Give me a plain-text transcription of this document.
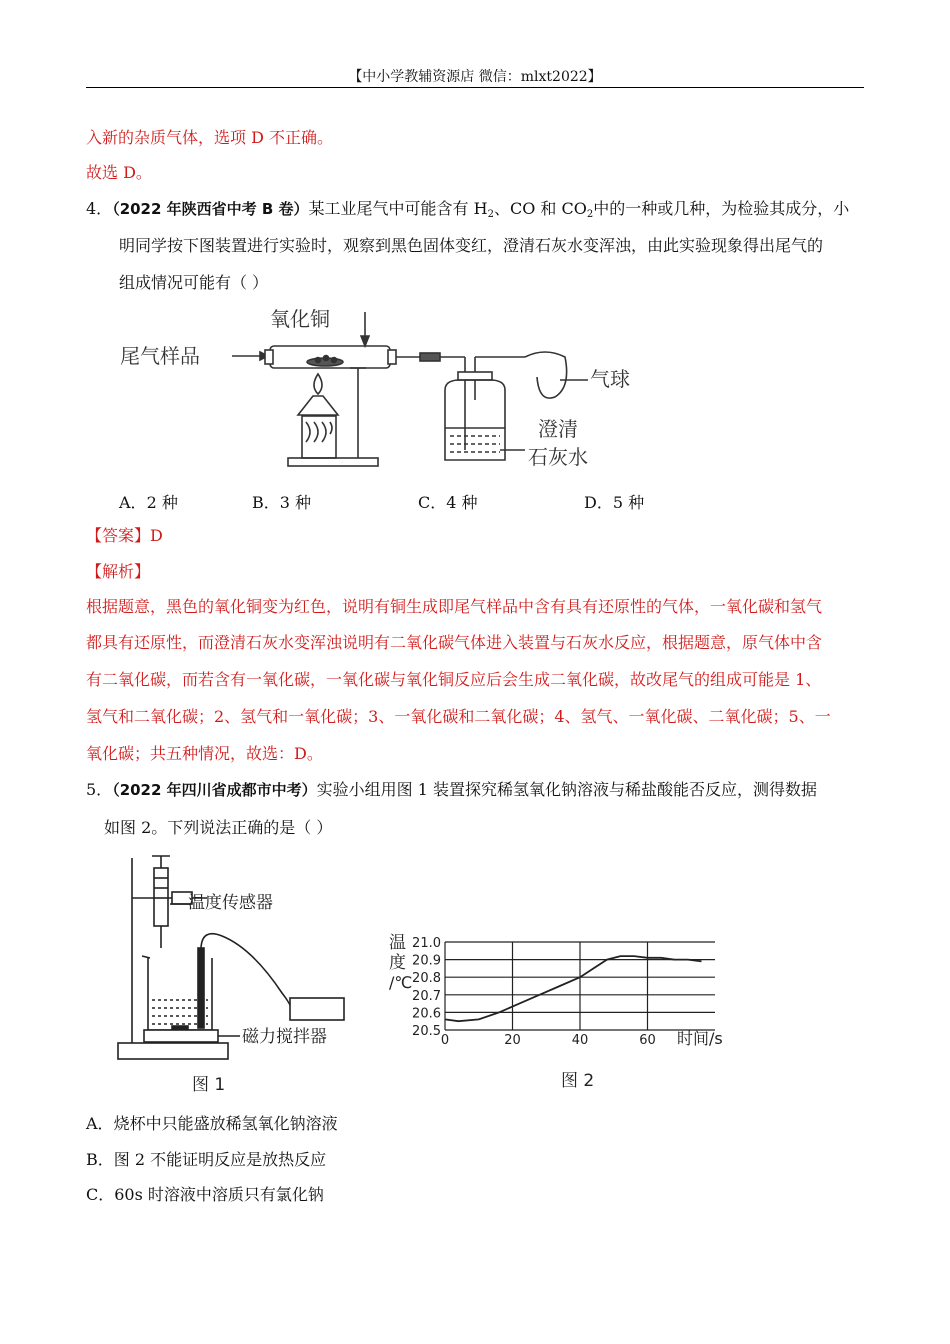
【中小学教辅资源店 微信：mlxt2022】
入新的杂质气体，选项 D 不正确。
故选 D。
4．（2022 年陕西省中考 B 卷）某工业尾气中可能含有 $H_2$、CO 和 $CO_2$中的一种或几种，为检验其成分，小
明同学按下图装置进行实验时，观察到黑色固体变红，澄清石灰水变浑浊，由此实验现象得出尾气的
组成情况可能有（ ）
尾气样品
氧化铜
气球
澄清
石灰水
A．2 种	B．3 种	C．4 种	D．5 种
【答案】D
【解析】
根据题意，黑色的氧化铜变为红色，说明有铜生成即尾气样品中含有具有还原性的气体，一氧化碳和氢气
都具有还原性，而澄清石灰水变浑浊说明有二氧化碳气体进入装置与石灰水反应，根据题意，原气体中含
有二氧化碳，而若含有一氧化碳，一氧化碳与氧化铜反应后会生成二氧化碳，故改尾气的组成可能是 1、
氢气和二氧化碳；2、氢气和一氧化碳；3、一氧化碳和二氧化碳；4、氢气、一氧化碳、二氧化碳；5、一
氧化碳；共五种情况，故选：D。
5．（2022 年四川省成都市中考）实验小组用图 1 装置探究稀氢氧化钠溶液与稀盐酸能否反应，测得数据
如图 2。下列说法正确的是（ ）
温度传感器
磁力搅拌器
图 1
21.0
20.9
20.8
20.7
20.6
20.5
0	20	40	60
温
度
/℃
时间/s
图 2
A．烧杯中只能盛放稀氢氧化钠溶液
B．图 2 不能证明反应是放热反应
C．60s 时溶液中溶质只有氯化钠
